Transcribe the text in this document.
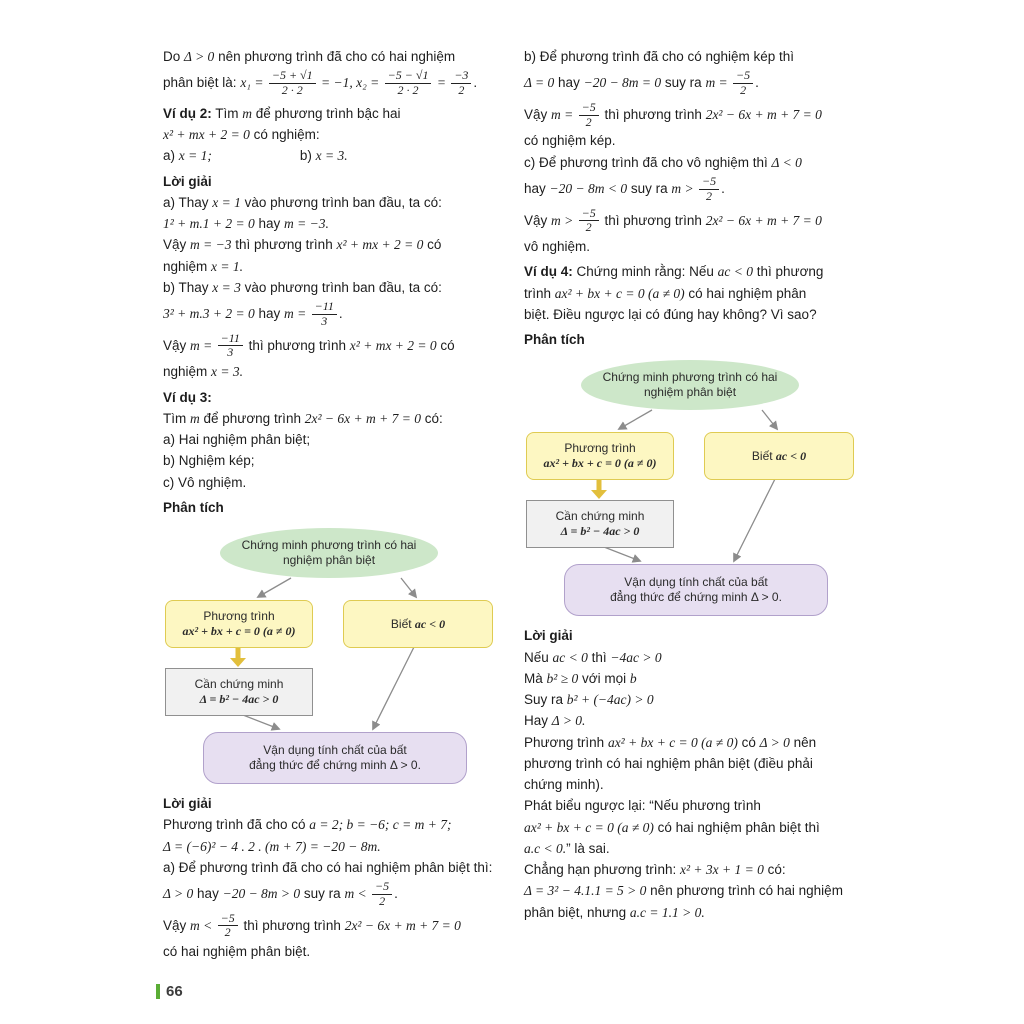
Do Δ > 0 nên phương trình đã cho có hai nghiệm
phân biệt là: $x_1 = \frac{-5 + √1}{2 \cdot 2} = -1$, $x_2 = \frac{-5 - √1}{2 \cdot 2} = \frac{-3}{2}$ .
Ví dụ 2: Tìm m để phương trình bậc hai
x² + mx + 2 = 0 có nghiệm:
a) x = 1;	b) x = 3.
Lời giải
a) Thay x = 1 vào phương trình ban đầu, ta có:
1² + m.1 + 2 = 0 hay m = −3.
Vậy m = −3 thì phương trình x² + mx + 2 = 0 có
nghiệm x = 1.
b) Thay x = 3 vào phương trình ban đầu, ta có:
3² + m.3 + 2 = 0 hay $m = \frac{-11}{3}$ .
Vậy $m = \frac{-11}{3}$ thì phương trình x² + mx + 2 = 0 có
nghiệm x = 3.
Ví dụ 3:
Tìm m để phương trình 2x² − 6x + m + 7 = 0 có:
a) Hai nghiệm phân biệt;
b) Nghiệm kép;
c) Vô nghiệm.
Phân tích
Chứng minh phương trình có hai
nghiệm phân biệt
Phương trình
ax² + bx + c = 0 (a ≠ 0)
Biết ac < 0
Cần chứng minh
Δ = b² − 4ac > 0
Vận dụng tính chất của bất
đẳng thức để chứng minh Δ > 0.
Lời giải
Phương trình đã cho có a = 2; b = −6; c = m + 7;
Δ = (−6)² − 4 . 2 . (m + 7) = −20 − 8m.
a) Để phương trình đã cho có hai nghiệm phân biệt thì:
Δ > 0 hay −20 − 8m > 0 suy ra $m < \frac{-5}{2}$ .
Vậy $m < \frac{-5}{2}$ thì phương trình 2x² − 6x + m + 7 = 0
có hai nghiệm phân biệt.
b) Để phương trình đã cho có nghiệm kép thì
Δ = 0 hay −20 − 8m = 0 suy ra $m = \frac{-5}{2}$ .
Vậy $m = \frac{-5}{2}$ thì phương trình 2x² − 6x + m + 7 = 0
có nghiệm kép.
c) Để phương trình đã cho vô nghiệm thì Δ < 0
hay −20 − 8m < 0 suy ra $m > \frac{-5}{2}$ .
Vậy $m > \frac{-5}{2}$ thì phương trình 2x² − 6x + m + 7 = 0
vô nghiệm.
Ví dụ 4: Chứng minh rằng: Nếu ac < 0 thì phương
trình ax² + bx + c = 0 (a ≠ 0) có hai nghiệm phân
biệt. Điều ngược lại có đúng hay không? Vì sao?
Phân tích
Chứng minh phương trình có hai
nghiệm phân biệt
Phương trình
ax² + bx + c = 0 (a ≠ 0)
Biết ac < 0
Cần chứng minh
Δ = b² − 4ac > 0
Vận dụng tính chất của bất
đẳng thức để chứng minh Δ > 0.
Lời giải
Nếu ac < 0 thì −4ac > 0
Mà b² ≥ 0 với mọi b
Suy ra b² + (−4ac) > 0
Hay Δ > 0.
Phương trình ax² + bx + c = 0 (a ≠ 0) có Δ > 0 nên
phương trình có hai nghiệm phân biệt (điều phải
chứng minh).
Phát biểu ngược lại: “Nếu phương trình
ax² + bx + c = 0 (a ≠ 0) có hai nghiệm phân biệt thì
a.c < 0.” là sai.
Chẳng hạn phương trình: x² + 3x + 1 = 0 có:
Δ = 3² − 4.1.1 = 5 > 0 nên phương trình có hai nghiệm
phân biệt, nhưng a.c = 1.1 > 0.
66
